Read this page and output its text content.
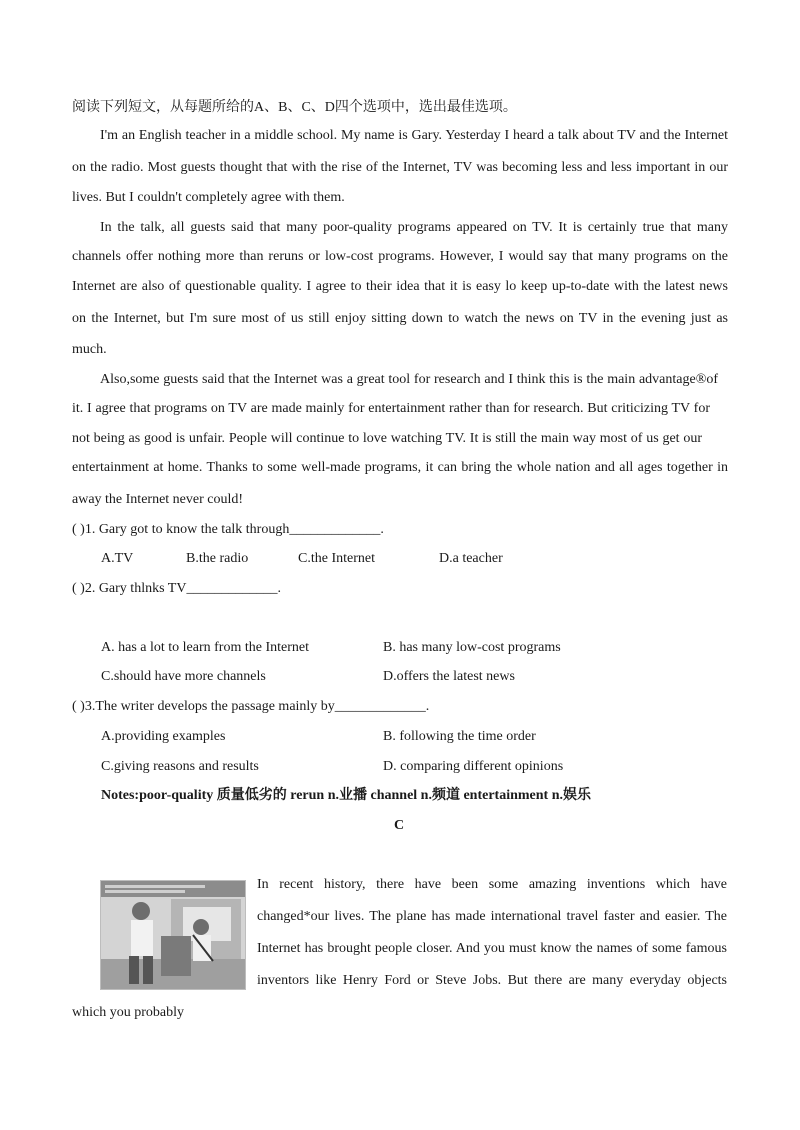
阅读下列短文，从每题所给的A、B、C、D四个选项中，选出最佳选项。
I'm an English teacher in a middle school. My name is Gary. Yesterday I heard a talk about TV and the Internet
on the radio. Most guests thought that with the rise of the Internet, TV was becoming less and less important in our
lives. But I couldn't completely agree with them.
In the talk, all guests said that many poor-quality programs appeared on TV. It is certainly true that many
channels offer nothing more than reruns or low-cost programs. However, I would say that many programs on the
Internet are also of questionable quality. I agree to their idea that it is easy lo keep up-to-date with the latest news
on the Internet, but I'm sure most of us still enjoy sitting down to watch the news on TV in the evening just as
much.
Also,some guests said that the Internet was a great tool for research and I think this is the main advantage®of
it. I agree that programs on TV are made mainly for entertainment rather than for research. But criticizing TV for
not being as good is unfair. People will continue to love watching TV. It is still the main way most of us get our
entertainment at home. Thanks to some well-made programs, it can bring the whole nation and all ages together in
away the Internet never could!
( )1. Gary got to know the talk through_____________.
A.TV	B.the radio	C.the Internet	D.a teacher
( )2. Gary thlnks TV_____________.
A. has a lot to learn from the Internet	B. has many low-cost programs
C.should have more channels	D.offers the latest news
( )3.The writer develops the passage mainly by_____________.
A.providing examples	B. following the time order
C.giving reasons and results	D. comparing different opinions
Notes:poor-quality 质量低劣的 rerun n.业播 channel n.频道 entertainment n.娱乐
C
In recent history, there have been some amazing inventions which have
changed*our lives. The plane has made international travel faster and easier. The
Internet has brought people closer. And you must know the names of some famous
inventors like Henry Ford or Steve Jobs. But there are many everyday objects
which you probably
